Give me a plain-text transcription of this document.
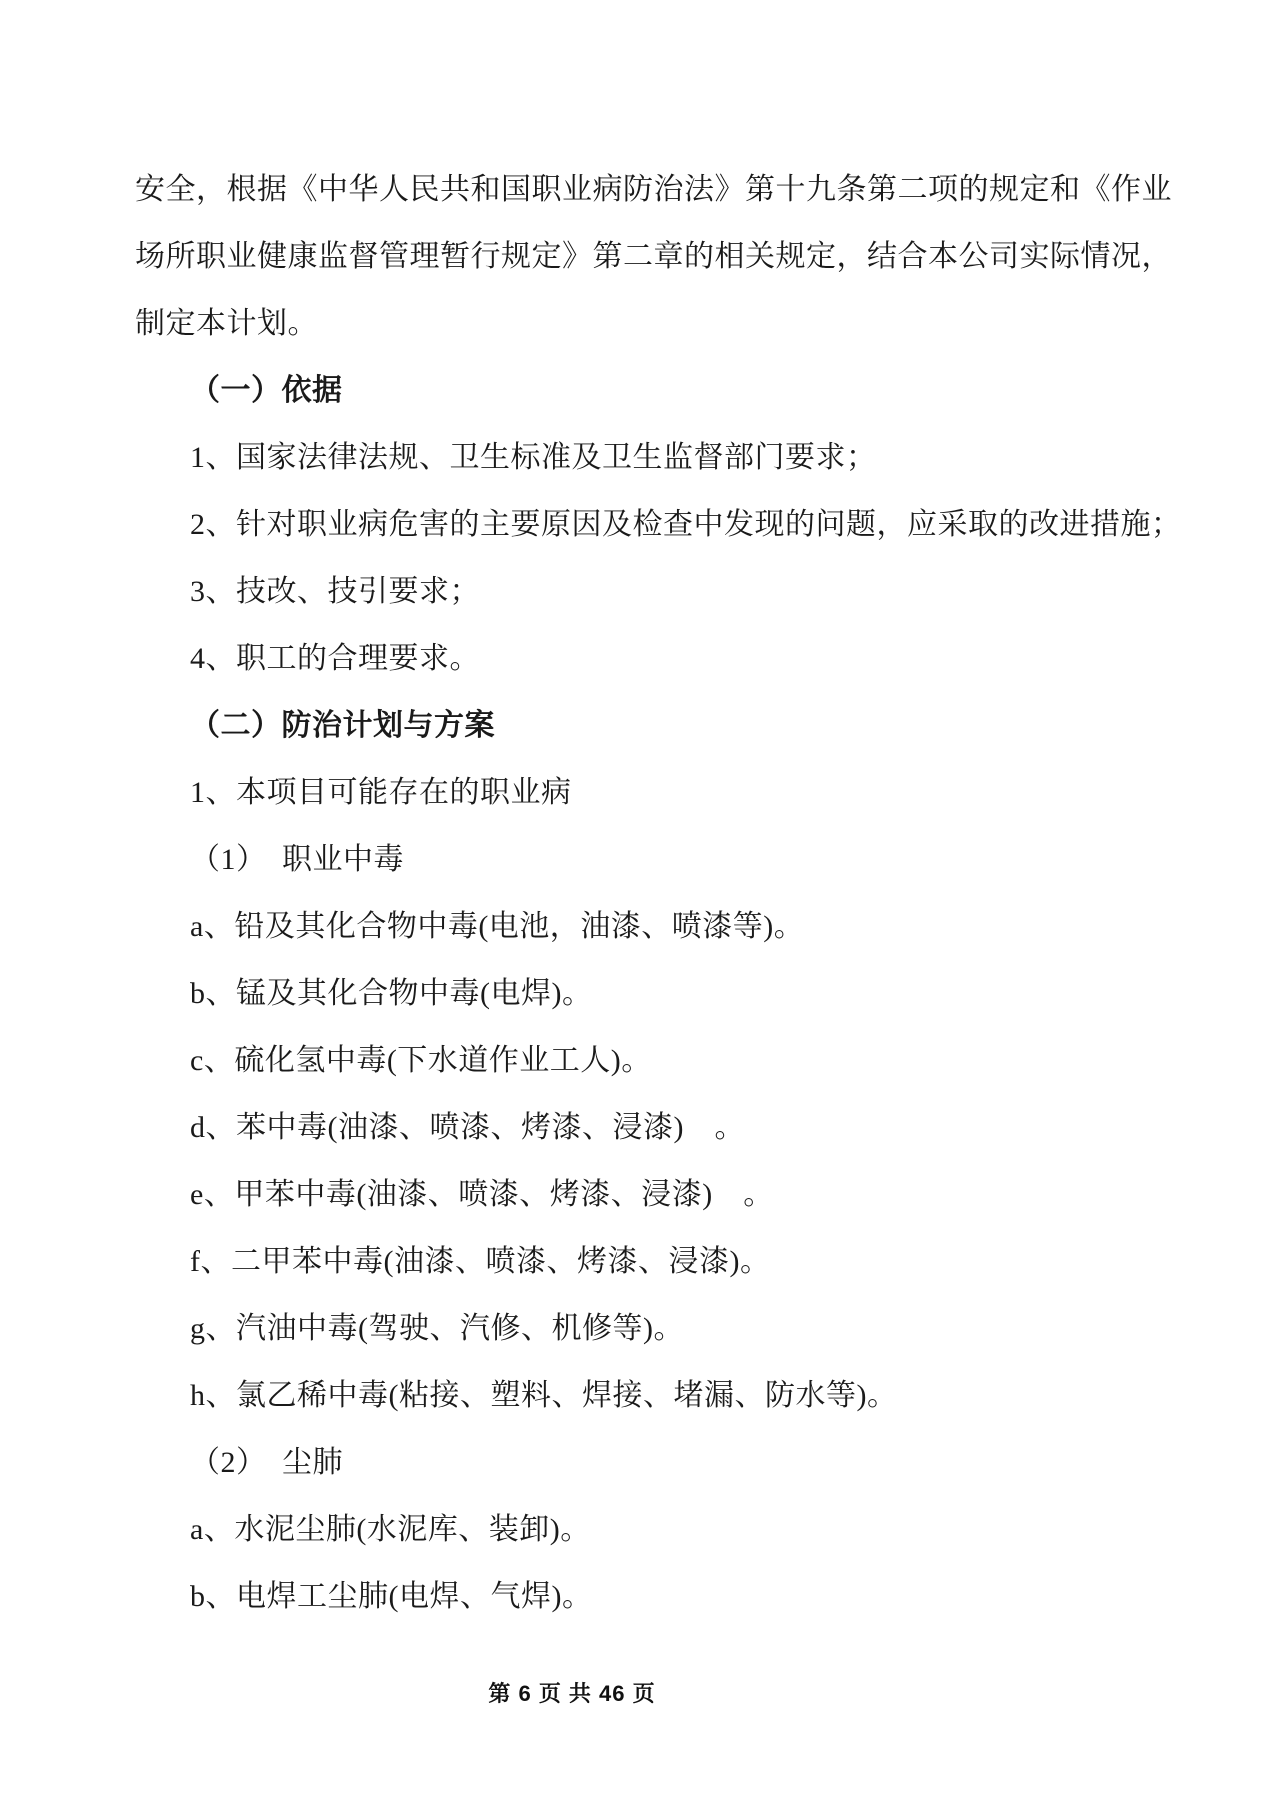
安全，根据《中华人民共和国职业病防治法》第十九条第二项的规定和《作业
场所职业健康监督管理暂行规定》第二章的相关规定，结合本公司实际情况，
制定本计划。
（一）依据
1、国家法律法规、卫生标准及卫生监督部门要求；
2、针对职业病危害的主要原因及检查中发现的问题，应采取的改进措施；
3、技改、技引要求；
4、职工的合理要求。
（二）防治计划与方案
1、本项目可能存在的职业病
（1）　职业中毒
a、铅及其化合物中毒(电池，油漆、喷漆等)。
b、锰及其化合物中毒(电焊)。
c、硫化氢中毒(下水道作业工人)。
d、苯中毒(油漆、喷漆、烤漆、浸漆)　。
e、甲苯中毒(油漆、喷漆、烤漆、浸漆)　。
f、二甲苯中毒(油漆、喷漆、烤漆、浸漆)。
g、汽油中毒(驾驶、汽修、机修等)。
h、氯乙稀中毒(粘接、塑料、焊接、堵漏、防水等)。
（2）　尘肺
a、水泥尘肺(水泥库、装卸)。
b、电焊工尘肺(电焊、气焊)。
第 6 页 共 46 页
